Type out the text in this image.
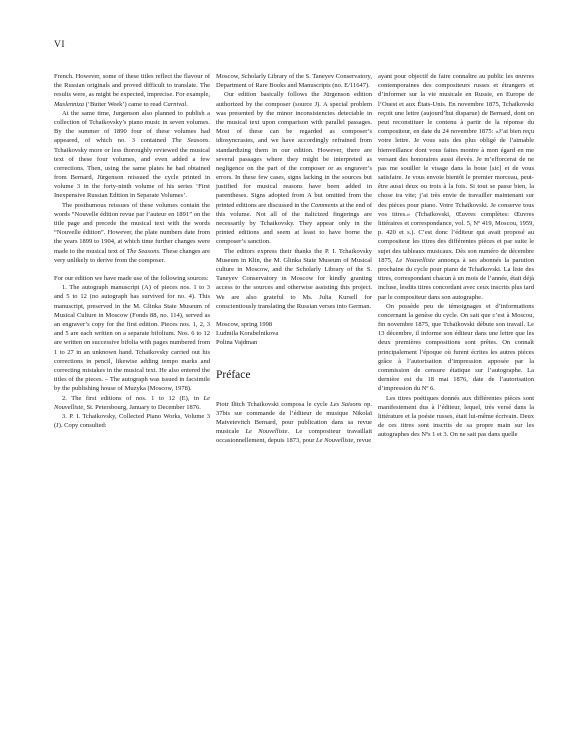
VI

French. However, some of these titles reflect the flavour of the Russian originals and proved difficult to translate. The results were, as might be expected, imprecise. For example, Maslenniza (‘Butter Week’) came to read Carnival.

At the same time, Jurgenson also planned to publish a collection of Tchaikovsky’s piano music in seven volumes. By the summer of 1890 four of these volumes had appeared, of which no. 3 contained The Seasons. Tchaikovsky more or less thoroughly reviewed the musical text of these four volumes, and even added a few corrections. Then, using the same plates he had obtained from Bernard, Jürgenson reissued the cycle printed in volume 3 in the forty-ninth volume of his series ‘First Inexpensive Russian Edition in Separate Volumes’.

The posthumous reissues of these volumes contain the words “Nouvelle édition revue par l’auteur en 1891” on the title page and precede the musical text with the words “Nouvelle édition”. However, the plate numbers date from the years 1899 to 1904, at which time further changes were made to the musical text of The Seasons. These changes are very unlikely to derive from the composer.

For our edition we have made use of the following sources:

1. The autograph manuscript (A) of pieces nos. 1 to 3 and 5 to 12 (no autograph has survived for no. 4). This manuscript, preserved in the M. Glinka State Museum of Musical Culture in Moscow (Fonds 88, no. 114), served as an engraver’s copy for the first edition. Pieces nos. 1, 2, 3 and 5 are each written on a separate bifolium. Nos. 6 to 12 are written on successive bifolia with pages numbered from 1 to 27 in an unknown hand. Tchaikovsky carried out his corrections in pencil, likewise adding tempo marks and correcting mistakes in the musical text. He also entered the titles of the pieces. – The autograph was issued in facsimile by the publishing house of Muzyka (Moscow, 1978).

2. The first editions of nos. 1 to 12 (E), in Le Nouvelliste, St. Petersbourg, January to December 1876.

3. P. I. Tchaikovsky, Collected Piano Works, Volume 3 (J). Copy consulted:

Moscow, Scholarly Library of the S. Taneyev Conservatory, Department of Rare Books and Manuscripts (no. E/11647).

Our edition basically follows the Jürgenson edition authorized by the composer (source J). A special problem was presented by the minor inconsistencies detectable in the musical text upon comparison with parallel passages. Most of these can be regarded as composer’s idiosyncrasies, and we have accordingly refrained from standardizing them in our edition. However, there are several passages where they might be interpreted as negligence on the part of the composer or as engraver’s errors. In these few cases, signs lacking in the sources but justified for musical reasons have been added in parentheses. Signs adopted from A but omitted from the printed editions are discussed in the Comments at the end of this volume. Not all of the italicized fingerings are necessarily by Tchaikovsky. They appear only in the printed editions and seem at least to have borne the composer’s sanction.

The editors express their thanks the P. I. Tchaikovsky Museum in Klin, the M. Glinka State Museum of Musical culture in Moscow, and the Scholarly Library of the S. Taneyev Conservatory in Moscow for kindly granting access to the sources and otherwise assisting this project. We are also grateful to Ms. Julia Kursell for conscientiously translating the Russian verses into German.

Moscow, spring 1998

Ludmila Korabelnikova

Polina Vajdman

Préface

Piotr Ilitch Tchaïkovski composa le cycle Les Saisons op. 37bis sur commande de l’éditeur de musique Nikolaï Matveievitch Bernard, pour publication dans sa revue musicale Le Nouvelliste. Le compositeur travaillait occasionnellement, depuis 1873, pour Le Nouvelliste, revue

ayant pour objectif de faire connaître au public les œuvres contemporaines des compositeurs russes et étrangers et d’informer sur la vie musicale en Russie, en Europe de l’Ouest et aux États-Unis. En novembre 1875, Tchaïkovski reçoit une lettre (aujourd’hui disparue) de Bernard, dont on peut reconstituer le contenu à partir de la réponse du compositeur, en date du 24 novembre 1875: «J’ai bien reçu votre lettre. Je vous suis des plus obligé de l’aimable bienveillance dont vous faites montre à mon égard en me versant des honoraires aussi élevés. Je m’efforcerai de ne pas me souiller le visage dans la boue [sic] et de vous satisfaire. Je vous envoie bientôt le premier morceau, peut-être aussi deux ou trois à la fois. Si tout se passe bien, la chose ira vite; j’ai très envie de travailler maintenant sur des pièces pour piano. Votre Tchaïkovski. Je conserve tous vos titres.» (Tchaïkovski, Œuvres complètes: Œuvres littéraires et correspondance, vol. 5, Nº 419, Moscou, 1959, p. 420 et s.). C’est donc l’éditeur qui avait proposé au compositeur les titres des différentes pièces et par suite le sujet des tableaux musicaux. Dès son numéro de décembre 1875, Le Nouvelliste annonça à ses abonnés la parution prochaine du cycle pour piano de Tchaïkovski. La liste des titres, correspondant chacun à un mois de l’année, était déjà incluse, lesdits titres concordant avec ceux inscrits plus tard par le compositeur dans son autographe.

On possède peu de témoignages et d’informations concernant la genèse du cycle. On sait que c’est à Moscou, fin novembre 1875, que Tchaïkovski débute son travail. Le 13 décembre, il informe son éditeur dans une lettre que les deux premières compositions sont prêtes. On connaît principalement l’époque où furent écrites les autres pièces grâce à l’autorisation d’impression apposée par la commission de censure étatique sur l’autographe. La dernière est du 18 mai 1876, date de l’autorisation d’impression du Nº 6.

Les titres poétiques donnés aux différentes pièces sont manifestement dus à l’éditeur, lequel, très versé dans la littérature et la poésie russes, était lui-même écrivain. Deux de ces titres sont inscrits de sa propre main sur les autographes des Nºs 1 et 3. On ne sait pas dans quelle
